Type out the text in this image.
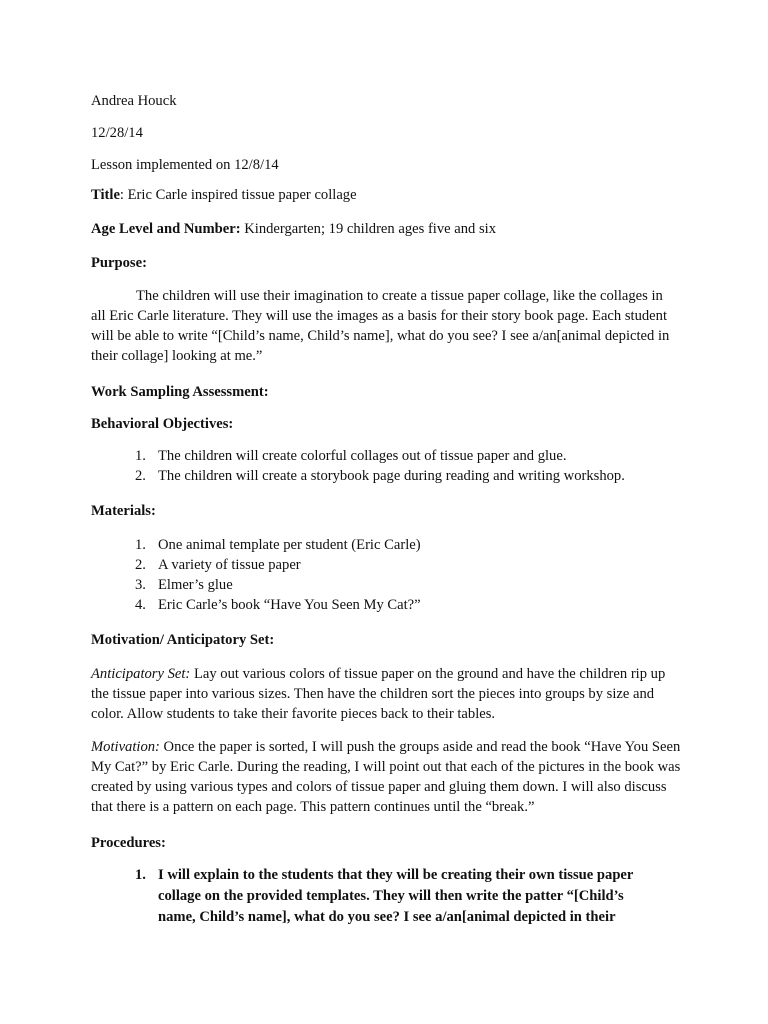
Andrea Houck
12/28/14
Lesson implemented on 12/8/14
Title: Eric Carle inspired tissue paper collage
Age Level and Number: Kindergarten; 19 children ages five and six
Purpose:
The children will use their imagination to create a tissue paper collage, like the collages in all Eric Carle literature. They will use the images as a basis for their story book page. Each student will be able to write “[Child’s name, Child’s name], what do you see? I see a/an[animal depicted in their collage] looking at me.”
Work Sampling Assessment:
Behavioral Objectives:
1. The children will create colorful collages out of tissue paper and glue.
2. The children will create a storybook page during reading and writing workshop.
Materials:
1. One animal template per student (Eric Carle)
2. A variety of tissue paper
3. Elmer’s glue
4. Eric Carle’s book “Have You Seen My Cat?”
Motivation/ Anticipatory Set:
Anticipatory Set: Lay out various colors of tissue paper on the ground and have the children rip up the tissue paper into various sizes. Then have the children sort the pieces into groups by size and color. Allow students to take their favorite pieces back to their tables.
Motivation: Once the paper is sorted, I will push the groups aside and read the book “Have You Seen My Cat?” by Eric Carle. During the reading, I will point out that each of the pictures in the book was created by using various types and colors of tissue paper and gluing them down. I will also discuss that there is a pattern on each page. This pattern continues until the “break.”
Procedures:
1. I will explain to the students that they will be creating their own tissue paper collage on the provided templates. They will then write the patter “[Child’s name, Child’s name], what do you see? I see a/an[animal depicted in their
